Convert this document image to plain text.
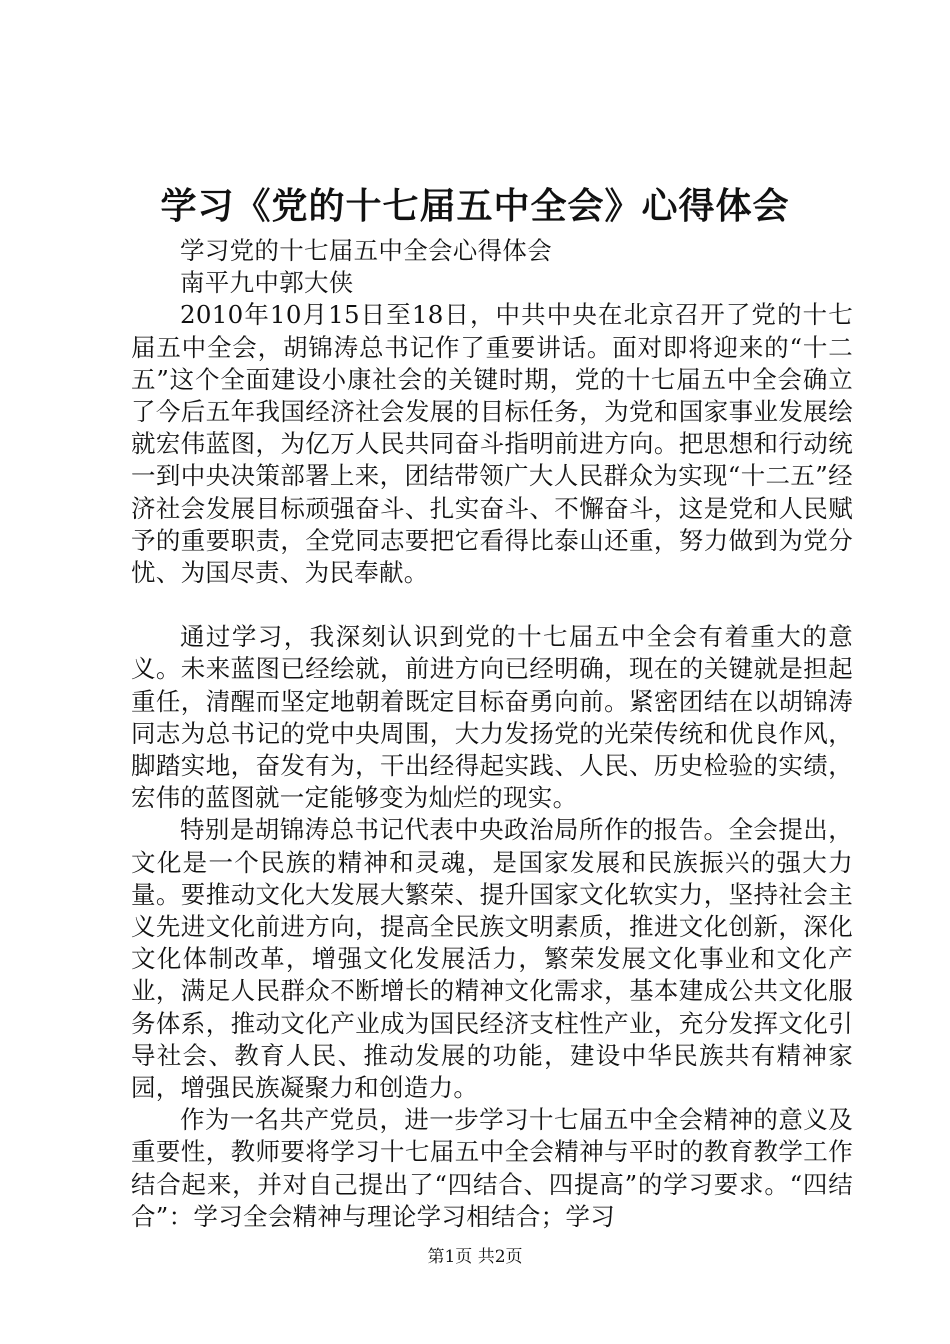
学习《党的十七届五中全会》心得体会

学习党的十七届五中全会心得体会

南平九中郭大侠

2010年10月15日至18日，中共中央在北京召开了党的十七届五中全会，胡锦涛总书记作了重要讲话。面对即将迎来的“十二五”这个全面建设小康社会的关键时期，党的十七届五中全会确立了今后五年我国经济社会发展的目标任务，为党和国家事业发展绘就宏伟蓝图，为亿万人民共同奋斗指明前进方向。把思想和行动统一到中央决策部署上来，团结带领广大人民群众为实现“十二五”经济社会发展目标顽强奋斗、扎实奋斗、不懈奋斗，这是党和人民赋予的重要职责，全党同志要把它看得比泰山还重，努力做到为党分忧、为国尽责、为民奉献。

通过学习，我深刻认识到党的十七届五中全会有着重大的意义。未来蓝图已经绘就，前进方向已经明确，现在的关键就是担起重任，清醒而坚定地朝着既定目标奋勇向前。紧密团结在以胡锦涛同志为总书记的党中央周围，大力发扬党的光荣传统和优良作风，脚踏实地，奋发有为，干出经得起实践、人民、历史检验的实绩，宏伟的蓝图就一定能够变为灿烂的现实。

特别是胡锦涛总书记代表中央政治局所作的报告。全会提出，文化是一个民族的精神和灵魂，是国家发展和民族振兴的强大力量。要推动文化大发展大繁荣、提升国家文化软实力，坚持社会主义先进文化前进方向，提高全民族文明素质，推进文化创新，深化文化体制改革，增强文化发展活力，繁荣发展文化事业和文化产业，满足人民群众不断增长的精神文化需求，基本建成公共文化服务体系，推动文化产业成为国民经济支柱性产业，充分发挥文化引导社会、教育人民、推动发展的功能，建设中华民族共有精神家园，增强民族凝聚力和创造力。

作为一名共产党员，进一步学习十七届五中全会精神的意义及重要性，教师要将学习十七届五中全会精神与平时的教育教学工作结合起来，并对自己提出了“四结合、四提高”的学习要求。“四结合”：学习全会精神与理论学习相结合；学习

第1页 共2页
